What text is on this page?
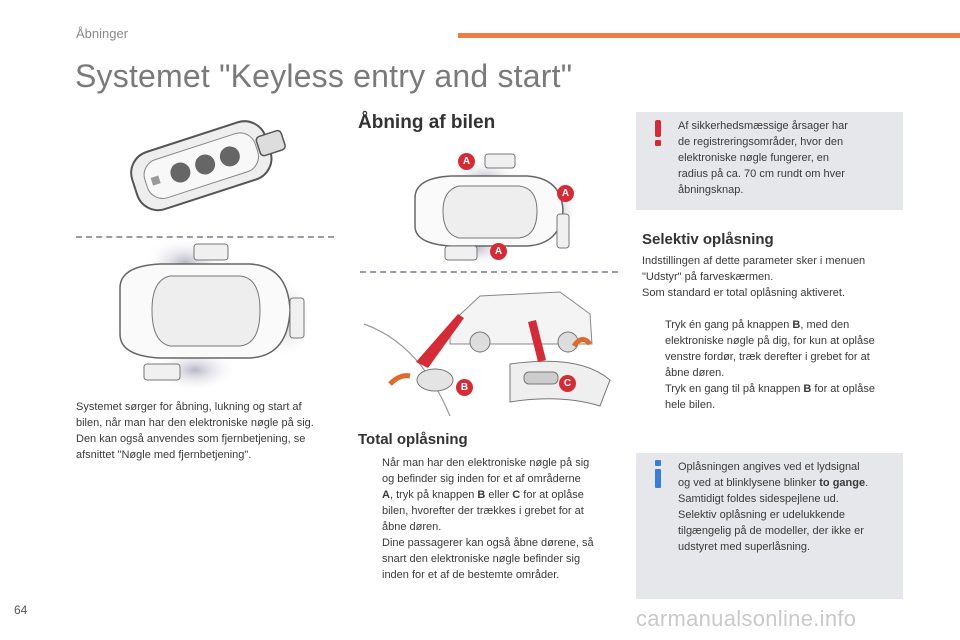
Åbninger
Systemet "Keyless entry and start"
Systemet sørger for åbning, lukning og start af
bilen, når man har den elektroniske nøgle på sig.
Den kan også anvendes som fjernbetjening, se
afsnittet "Nøgle med fjernbetjening".
Åbning af bilen
A
A
A
B	C
Total oplåsning
Når man har den elektroniske nøgle på sig
og befinder sig inden for et af områderne
A, tryk på knappen B eller C for at oplåse
bilen, hvorefter der trækkes i grebet for at
åbne døren.
Dine passagerer kan også åbne dørene, så
snart den elektroniske nøgle befinder sig
inden for et af de bestemte områder.
Af sikkerhedsmæssige årsager har
de registreringsområder, hvor den
elektroniske nøgle fungerer, en
radius på ca. 70 cm rundt om hver
åbningsknap.
Selektiv oplåsning
Indstillingen af dette parameter sker i menuen
"Udstyr" på farveskærmen.
Som standard er total oplåsning aktiveret.
Tryk én gang på knappen B, med den
elektroniske nøgle på dig, for kun at oplåse
venstre fordør, træk derefter i grebet for at
åbne døren.
Tryk en gang til på knappen B for at oplåse
hele bilen.
Oplåsningen angives ved et lydsignal
og ved at blinklysene blinker to gange.
Samtidigt foldes sidespejlene ud.
Selektiv oplåsning er udelukkende
tilgængelig på de modeller, der ikke er
udstyret med superlåsning.
64	carmanualsonline.info
